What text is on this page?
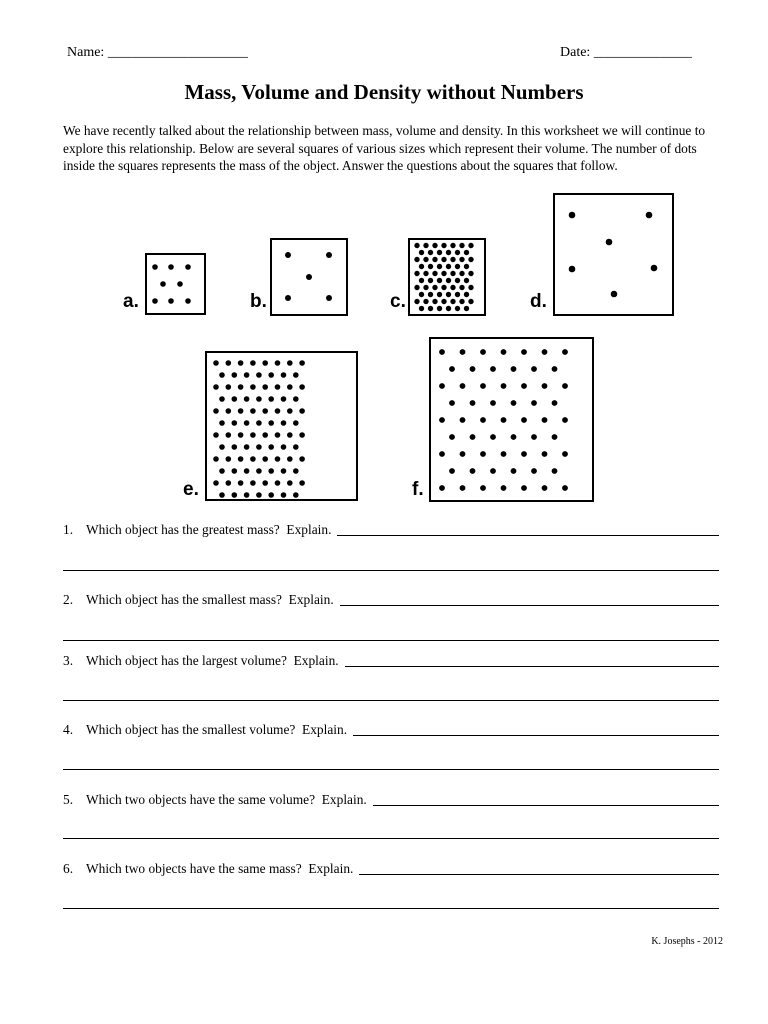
Name: ____________________	Date: ______________
Mass, Volume and Density without Numbers

We have recently talked about the relationship between mass, volume and density. In this worksheet we will continue to explore this relationship. Below are several squares of various sizes which represent their volume. The number of dots inside the squares represents the mass of the object. Answer the questions about the squares that follow.

a.	b.	c.	d.
e.	f.
1. Which object has the greatest mass?  Explain.
2. Which object has the smallest mass?  Explain.
3. Which object has the largest volume?  Explain.
4. Which object has the smallest volume?  Explain.
5. Which two objects have the same volume?  Explain.
6. Which two objects have the same mass?  Explain.
K. Josephs - 2012
